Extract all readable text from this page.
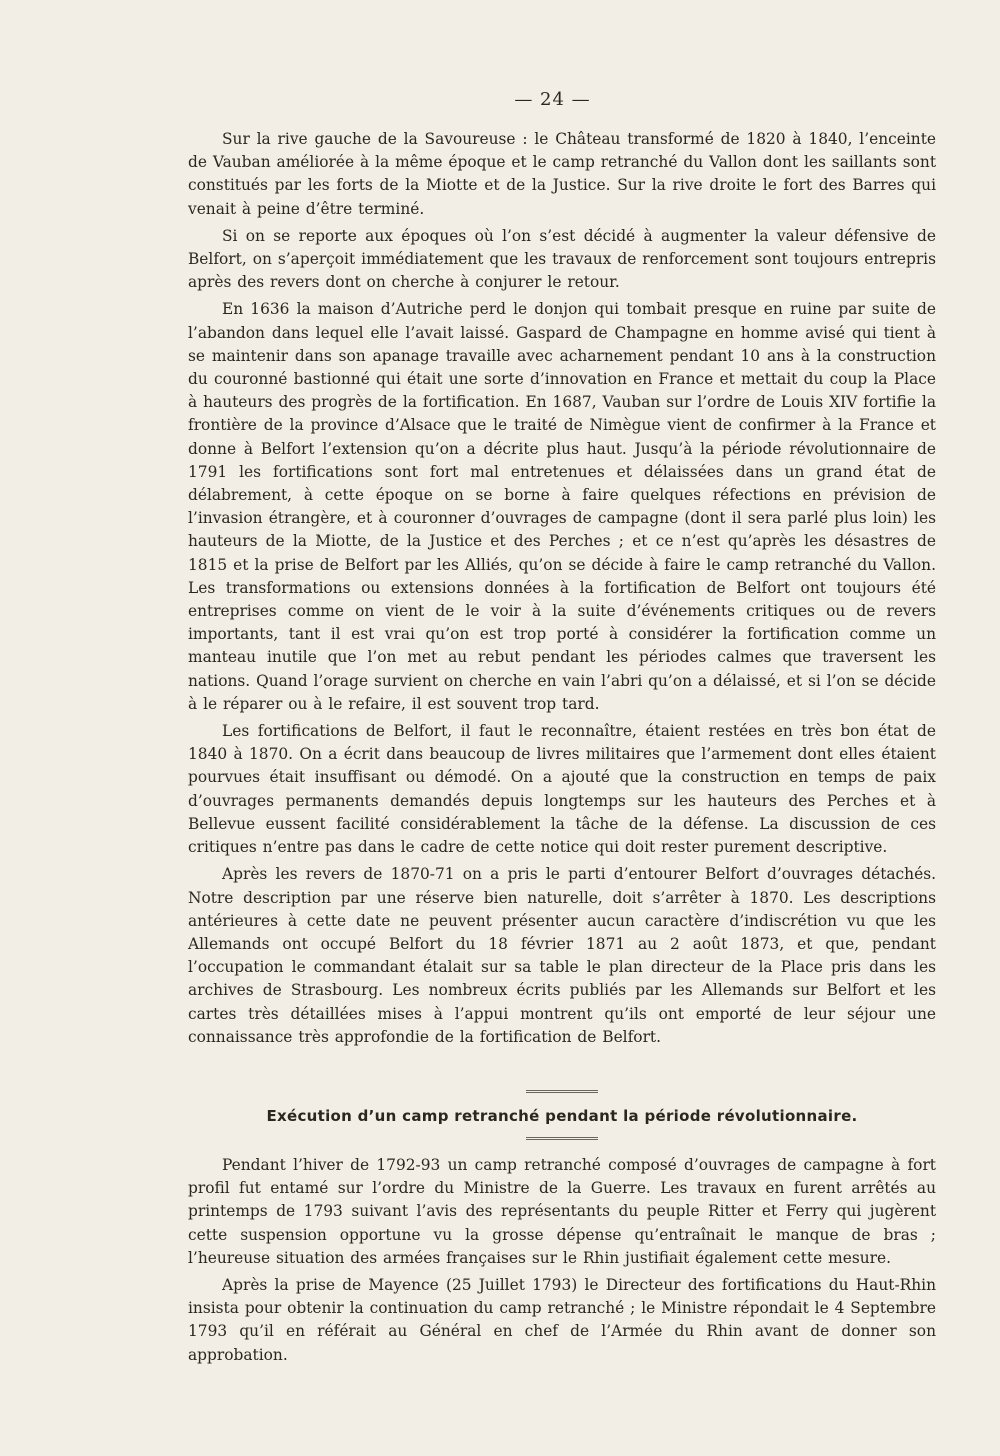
— 24 —

Sur la rive gauche de la Savoureuse : le Château transformé de 1820 à 1840, l’enceinte de Vauban améliorée à la même époque et le camp retranché du Vallon dont les saillants sont constitués par les forts de la Miotte et de la Justice. Sur la rive droite le fort des Barres qui venait à peine d’être terminé.

Si on se reporte aux époques où l’on s’est décidé à augmenter la valeur défensive de Belfort, on s’aperçoit immédiatement que les travaux de renforcement sont toujours entrepris après des revers dont on cherche à conjurer le retour.

En 1636 la maison d’Autriche perd le donjon qui tombait presque en ruine par suite de l’abandon dans lequel elle l’avait laissé. Gaspard de Champagne en homme avisé qui tient à se maintenir dans son apanage travaille avec acharnement pendant 10 ans à la construction du couronné bastionné qui était une sorte d’innovation en France et mettait du coup la Place à hauteurs des progrès de la fortification. En 1687, Vauban sur l’ordre de Louis XIV fortifie la frontière de la province d’Alsace que le traité de Nimègue vient de confirmer à la France et donne à Belfort l’extension qu’on a décrite plus haut. Jusqu’à la période révolutionnaire de 1791 les fortifications sont fort mal entretenues et délaissées dans un grand état de délabrement, à cette époque on se borne à faire quelques réfections en prévision de l’invasion étrangère, et à couronner d’ouvrages de campagne (dont il sera parlé plus loin) les hauteurs de la Miotte, de la Justice et des Perches ; et ce n’est qu’après les désastres de 1815 et la prise de Belfort par les Alliés, qu’on se décide à faire le camp retranché du Vallon. Les transformations ou extensions données à la fortification de Belfort ont toujours été entreprises comme on vient de le voir à la suite d’événements critiques ou de revers importants, tant il est vrai qu’on est trop porté à considérer la fortification comme un manteau inutile que l’on met au rebut pendant les périodes calmes que traversent les nations. Quand l’orage survient on cherche en vain l’abri qu’on a délaissé, et si l’on se décide à le réparer ou à le refaire, il est souvent trop tard.

Les fortifications de Belfort, il faut le reconnaître, étaient restées en très bon état de 1840 à 1870. On a écrit dans beaucoup de livres militaires que l’armement dont elles étaient pourvues était insuffisant ou démodé. On a ajouté que la construction en temps de paix d’ouvrages permanents demandés depuis longtemps sur les hauteurs des Perches et à Bellevue eussent facilité considérablement la tâche de la défense. La discussion de ces critiques n’entre pas dans le cadre de cette notice qui doit rester purement descriptive.

Après les revers de 1870-71 on a pris le parti d’entourer Belfort d’ouvrages détachés. Notre description par une réserve bien naturelle, doit s’arrêter à 1870. Les descriptions antérieures à cette date ne peuvent présenter aucun caractère d’indiscrétion vu que les Allemands ont occupé Belfort du 18 février 1871 au 2 août 1873, et que, pendant l’occupation le commandant étalait sur sa table le plan directeur de la Place pris dans les archives de Strasbourg. Les nombreux écrits publiés par les Allemands sur Belfort et les cartes très détaillées mises à l’appui montrent qu’ils ont emporté de leur séjour une connaissance très approfondie de la fortification de Belfort.

Exécution d’un camp retranché pendant la période révolutionnaire.

Pendant l’hiver de 1792-93 un camp retranché composé d’ouvrages de campagne à fort profil fut entamé sur l’ordre du Ministre de la Guerre. Les travaux en furent arrêtés au printemps de 1793 suivant l’avis des représentants du peuple Ritter et Ferry qui jugèrent cette suspension opportune vu la grosse dépense qu’entraînait le manque de bras ; l’heureuse situation des armées françaises sur le Rhin justifiait également cette mesure.

Après la prise de Mayence (25 Juillet 1793) le Directeur des fortifications du Haut-Rhin insista pour obtenir la continuation du camp retranché ; le Ministre répondait le 4 Septembre 1793 qu’il en référait au Général en chef de l’Armée du Rhin avant de donner son approbation.
